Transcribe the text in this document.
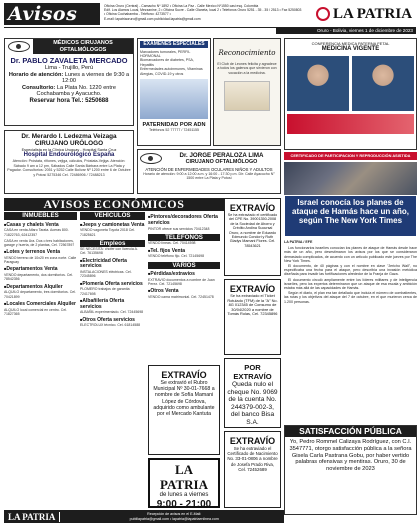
Avisos	Oficina Oruro (Central) - Camacho Nº 1892 • Oficina La Paz - Calle Mexico Nº1550 casi esq. Colombia
Edif. Los Alamos Local, Mezzanine, 2 • Oficina Sucre - Calle Olaneta, local 2 • Telefonos Oruro 5251 - 35 - 35 / 2513 • Fax 5250803
• Oficina Cochabamba - Teléfono: 4273577 •
E-mail: lapatriaoruro@gmail.com publicidad.lapatria@gmail.com	LA PATRIA
Oruro - Bolivia, viernes 1 de diciembre de 2023
MÉDICOS CIRUJANOS OFTALMÓLOGOS
Dr. PABLO ZAVALETA MERCADO
Lima - Trujillo, Perú
Horario de atención: Lunes a viernes de 9:30 a 12:00
Consultorio: La Plata No. 1220 entre Cochabamba y Ayacucho.
Reservar hora Tel.: 5250688
Dr. Merardo I. Ledezma Veizaga
CIRUJANO URÓLOGO
Especialista en la Clínica Uruguay - Hospital Santa Cruz
Hospital Endourológico España
Atención: Próstata, riñones, vejiga, cálculos, Próstata-Vejiga. Atención: Sábado 9 am a 12 pm, Sábados Calle Santa Bárbara entre La Plata y Pagador. Consultorios: 2051 y 5252 Calle Bolívar Nº 1200 entre 6 de Octubre y Potosí 5275346 Cel. 72486906 / 72488213
EXAMENES ESPECIALES
Marcadores tumorales, PERFIL HORMONAL
Biomarcadores de diabetes, PSA, Hepatitis
Enfermedades autoinmunes, Vitaminas
Alergias, COVID-19 y otros
PATERNIDAD POR ADN
Teléfonos 52 77777 / 72451155
Reconocimiento
El Club de Leones felicita y agradece a todos los galenos que sirvieron con vocación a la medicina.
CONFERENCIA MEDICA PATERNA FETAL
MEDICINA VIGENTE
CERTIFICADO DE PARTICIPACION Y REPRODUCCIÓN ASISTIDA
Dr. JORGE PERALOZA LIMA
CIRUJANO OFTALMÓLOGO
ATENCIÓN DE ENFERMEDADES OCULARES NIÑOS Y ADULTOS
Horario de atención: 9:00 a 12:00 a.m. y 16:00 - 17:30 p.m. Dir: Calle Ayacucho N° 1500 entre La Plata y Potosí
Israel conocía los planes de ataque de Hamás hace un año, según The New York Times
LA PATRIA / EFE

Los funcionarios israelíes conocían los planes de ataque de Hamás desde hace más de un año, pero desestimaron los avisos por los que se consideraron demasiado complicados, de acuerdo con un artículo publicado este jueves por The New York Times.

El documento, de 40 páginas y con el nombre en clave "Jericho Wall", no especificaba una fecha para el ataque, pero describía una invasión metódica diseñada para invadir las fortificaciones alrededor de la Franja de Gaza.

El documento circuló ampliamente entre los líderes militares y de inteligencia israelíes, pero los expertos determinaron que un ataque de esa escala y ambición estaba más allá de las capacidades de Hamás.

Según el diario, el plan era tan detallado que incluía el número de combatientes, las rutas y los objetivos del ataque del 7 de octubre, en el que murieron cerca de 1.200 personas.

SATISFACCIÓN PÚBLICA
Yo, Pedro Rommel Calizaya Rodríguez, con C.I. 3547771, otorgo satisfacción pública a la señora Gisela Carla Pastrana Gobu, por haber vertido palabras ofensivas y mentiras. Oruro, 30 de noviembre de 2023
AVISOS ECONÓMICOS
INMUEBLES
■ Casas y chalets Venta
CASA en venta Alfaro Tarata. Aceras 800. 71822763, 62412357
CASA en venta Ura. Dos o tres habitaciones, garage y huerta, de 2 plantas, Cel. 72567897
■ Lotes y terrenos Venta
VENDO terreno de 10x20 en zona norte. Calle Paraguay
■ Departamentos Venta
VENDO departamento, dos dormitorios. Cel. 78542356
■ Departamentos Alquiler
ALQUILO departamento, tres dormitorios. Cel. 70421899
■ Locales Comerciales Alquiler
ALQUILO local comercial en centro. Cel. 71827365
VEHÍCULOS
■ Jeeps y camionetas Venta
VENDO vagoneta Toyota 2018 Cel. 71825621
Empleos
SE NECESITA: chofer con licencia A. Cel. 76135698
■ Electricidad Oferta servicios
INSTALACIONES eléctricas. Cel. 72345896
■ Plomería Oferta servicios
PLOMERO trabajos de garantía 72417698
■ Albañilería Oferta servicios
ALBAÑIL experimentado. Cel. 72445698
■ Otros Oferta servicios
ELECTROLUX técnico. Cel. 61814588
■ Pintores/decoradores Oferta servicios
PINTOR ofrece sus servicios 70412348
TELÉFONOS
VENDO líneas. Cel. 70414598
■ Tel. fijos Venta
VENDO teléfono fijo. Cel. 72145698
VARIOS
■ Pérdidas/extravíos
EXTRAVIO documentos a nombre de Juan Perez. Cel. 72145698
■ Otros Venta
VENDO cama matrimonial. Cel. 72451478
EXTRAVÍO
Se extravió el Rubro Municipal Nº 30-01-7668 a nombre de Sofía Mamani López de Córdova, adquirido como ambulante por el Mercado Kantuta
LA PATRIA
de lunes a viernes
9:00 - 21:00
EXTRAVÍO
Se ha extraviado el certificado del CPE No. 39001350-2008 de la Sociedad de Ahorro y Crédito Andina Sucursal Oruro, a nombre de Eduardo Edmundo Condori y Ruth Gladys Mamani Flores. Cel. 78543621
EXTRAVÍO
Se ha extraviado el Ticket Rotulado (TFM) de la "A" No. 8G 012345 de Consumo de 30/04/2020 a nombre de Tomás Rolas, Cel. 72345896
POR EXTRAVÍO
Queda nulo el cheque No. 9069 de la cuenta No. 244379-002-3, del banco Bisa S.A.
EXTRAVÍO
Se ha extraviado el Certificado de Nacimiento No. 33-01-0806 a nombre de Josefa Prado Riva, Cel. 72452689
LA PATRIA	Recepción de avisos en el E-Mail:
publilapatria@gmail.com • lapatria@lapatriaenlinea.com
